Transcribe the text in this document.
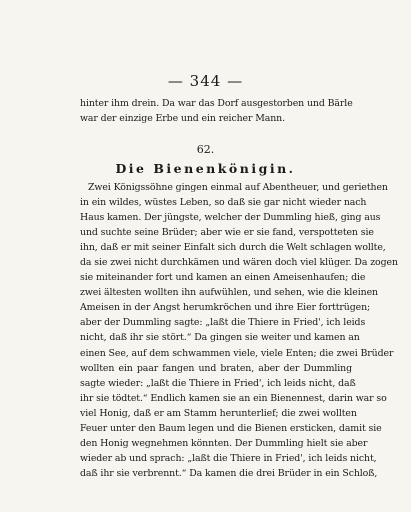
— 344 —
hinter ihm drein. Da war das Dorf ausgestorben und Bärle
war der einzige Erbe und ein reicher Mann.
62.
Die Bienenkönigin.
Zwei Königssöhne gingen einmal auf Abentheuer, und geriethen
in ein wildes, wüstes Leben, so daß sie gar nicht wieder nach
Haus kamen. Der jüngste, welcher der Dummling hieß, ging aus
und suchte seine Brüder; aber wie er sie fand, verspotteten sie
ihn, daß er mit seiner Einfalt sich durch die Welt schlagen wollte,
da sie zwei nicht durchkämen und wären doch viel klüger. Da zogen
sie miteinander fort und kamen an einen Ameisenhaufen; die
zwei ältesten wollten ihn aufwühlen, und sehen, wie die kleinen
Ameisen in der Angst herumkröchen und ihre Eier forttrügen;
aber der Dummling sagte: „laßt die Thiere in Fried', ich leids
nicht, daß ihr sie stört.“ Da gingen sie weiter und kamen an
einen See, auf dem schwammen viele, viele Enten; die zwei Brüder
wollten ein paar fangen und braten, aber der Dummling
sagte wieder: „laßt die Thiere in Fried', ich leids nicht, daß
ihr sie tödtet.“ Endlich kamen sie an ein Bienennest, darin war so
viel Honig, daß er am Stamm herunterlief; die zwei wollten
Feuer unter den Baum legen und die Bienen ersticken, damit sie
den Honig wegnehmen könnten. Der Dummling hielt sie aber
wieder ab und sprach: „laßt die Thiere in Fried', ich leids nicht,
daß ihr sie verbrennt.“ Da kamen die drei Brüder in ein Schloß,
